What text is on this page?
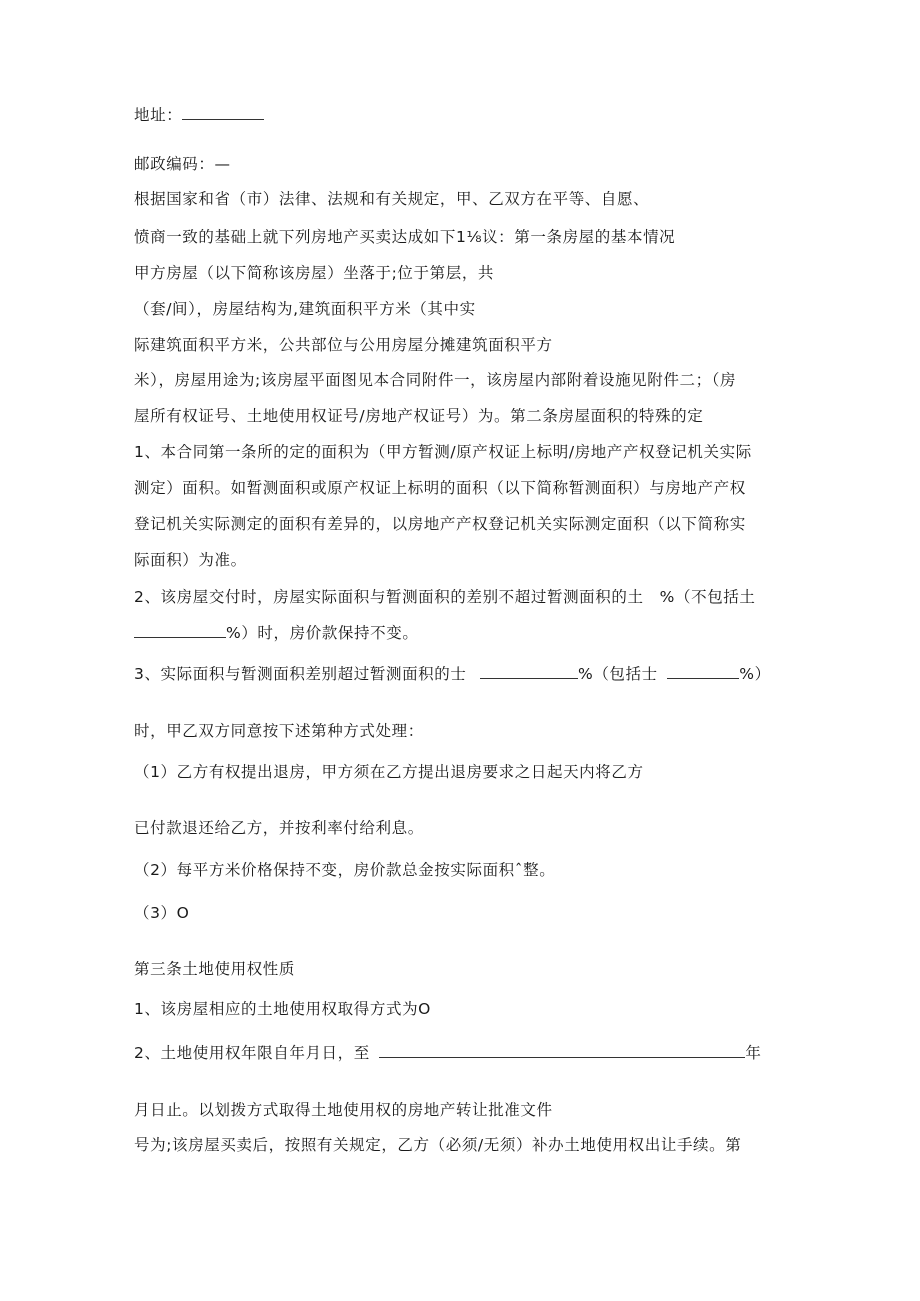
地址：
邮政编码：—
根据国家和省（市）法律、法规和有关规定，甲、乙双方在平等、自愿、
愤商一致的基础上就下列房地产买卖达成如下1⅛议：第一条房屋的基本情况
甲方房屋（以下简称该房屋）坐落于;位于第层，共
（套/间），房屋结构为,建筑面积平方米（其中实
际建筑面积平方米，公共部位与公用房屋分摊建筑面积平方
米），房屋用途为;该房屋平面图见本合同附件一，该房屋内部附着设施见附件二；（房
屋所有权证号、土地使用权证号/房地产权证号）为。第二条房屋面积的特殊的定
1、本合同第一条所的定的面积为（甲方暂测/原产权证上标明/房地产产权登记机关实际
测定）面积。如暂测面积或原产权证上标明的面积（以下简称暂测面积）与房地产产权
登记机关实际测定的面积有差异的，以房地产产权登记机关实际测定面积（以下简称实
际面积）为准。
2、该房屋交付时，房屋实际面积与暂测面积的差别不超过暂测面积的土　%（不包括土
%）时，房价款保持不变。
3、实际面积与暂测面积差别超过暂测面积的士	%（包括士	%）
时，甲乙双方同意按下述第种方式处理：
（1）乙方有权提出退房，甲方须在乙方提出退房要求之日起天内将乙方
已付款退还给乙方，并按利率付给利息。
（2）每平方米价格保持不变，房价款总金按实际面积ˆ整。
（3）O
第三条土地使用权性质
1、该房屋相应的土地使用权取得方式为O
2、土地使用权年限自年月日，至	年
月日止。以划拨方式取得土地使用权的房地产转让批准文件
号为;该房屋买卖后，按照有关规定，乙方（必须/无须）补办土地使用权出让手续。第
